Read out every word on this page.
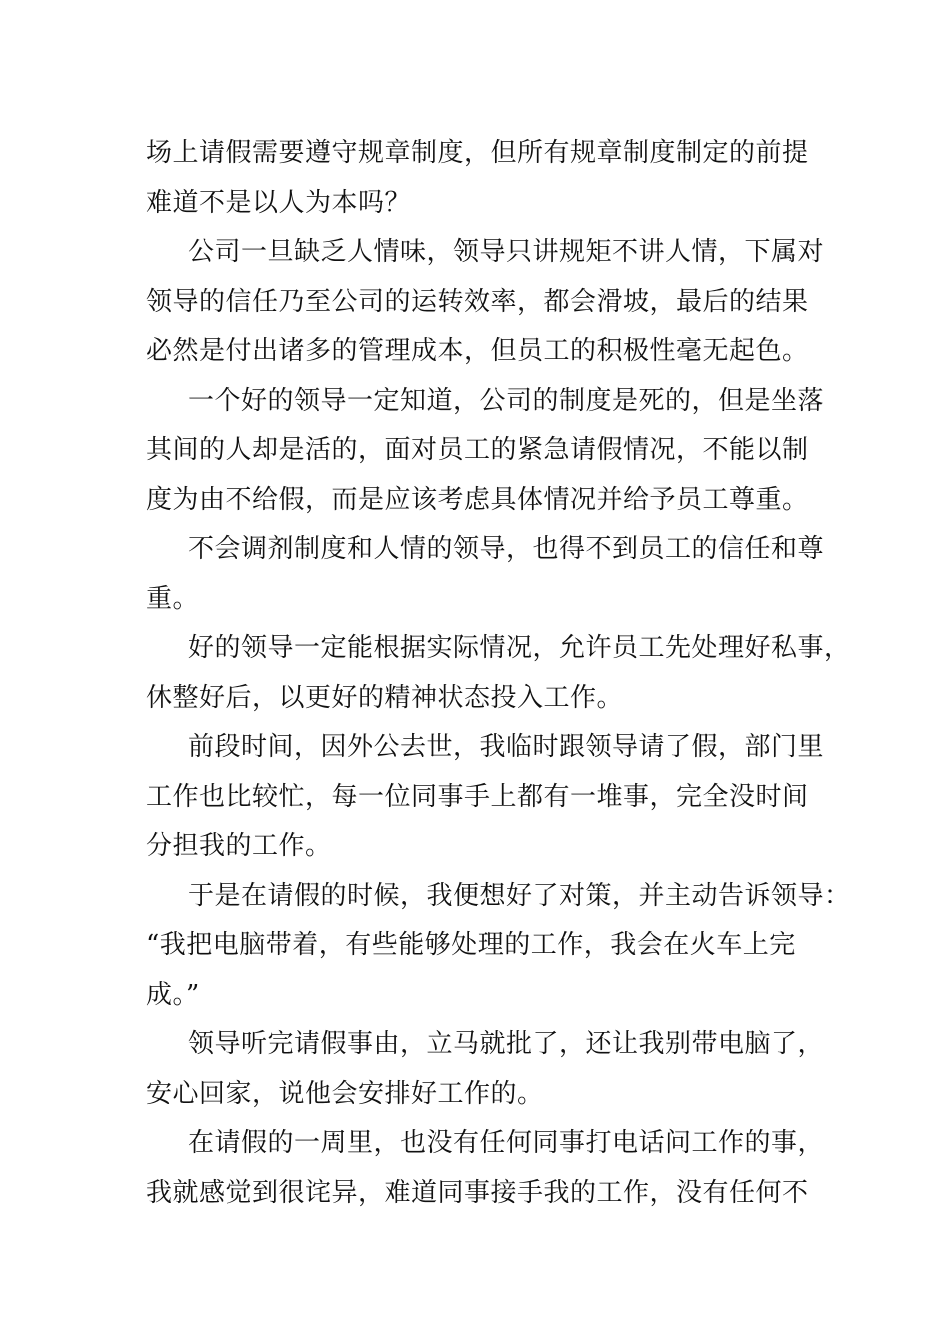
场上请假需要遵守规章制度，但所有规章制度制定的前提
难道不是以人为本吗？
公司一旦缺乏人情味，领导只讲规矩不讲人情，下属对
领导的信任乃至公司的运转效率，都会滑坡，最后的结果
必然是付出诸多的管理成本，但员工的积极性毫无起色。
一个好的领导一定知道，公司的制度是死的，但是坐落
其间的人却是活的，面对员工的紧急请假情况，不能以制
度为由不给假，而是应该考虑具体情况并给予员工尊重。
不会调剂制度和人情的领导，也得不到员工的信任和尊
重。
好的领导一定能根据实际情况，允许员工先处理好私事，
休整好后，以更好的精神状态投入工作。
前段时间，因外公去世，我临时跟领导请了假，部门里
工作也比较忙，每一位同事手上都有一堆事，完全没时间
分担我的工作。
于是在请假的时候，我便想好了对策，并主动告诉领导：
“我把电脑带着，有些能够处理的工作，我会在火车上完
成。”
领导听完请假事由，立马就批了，还让我别带电脑了，
安心回家，说他会安排好工作的。
在请假的一周里，也没有任何同事打电话问工作的事，
我就感觉到很诧异，难道同事接手我的工作，没有任何不
